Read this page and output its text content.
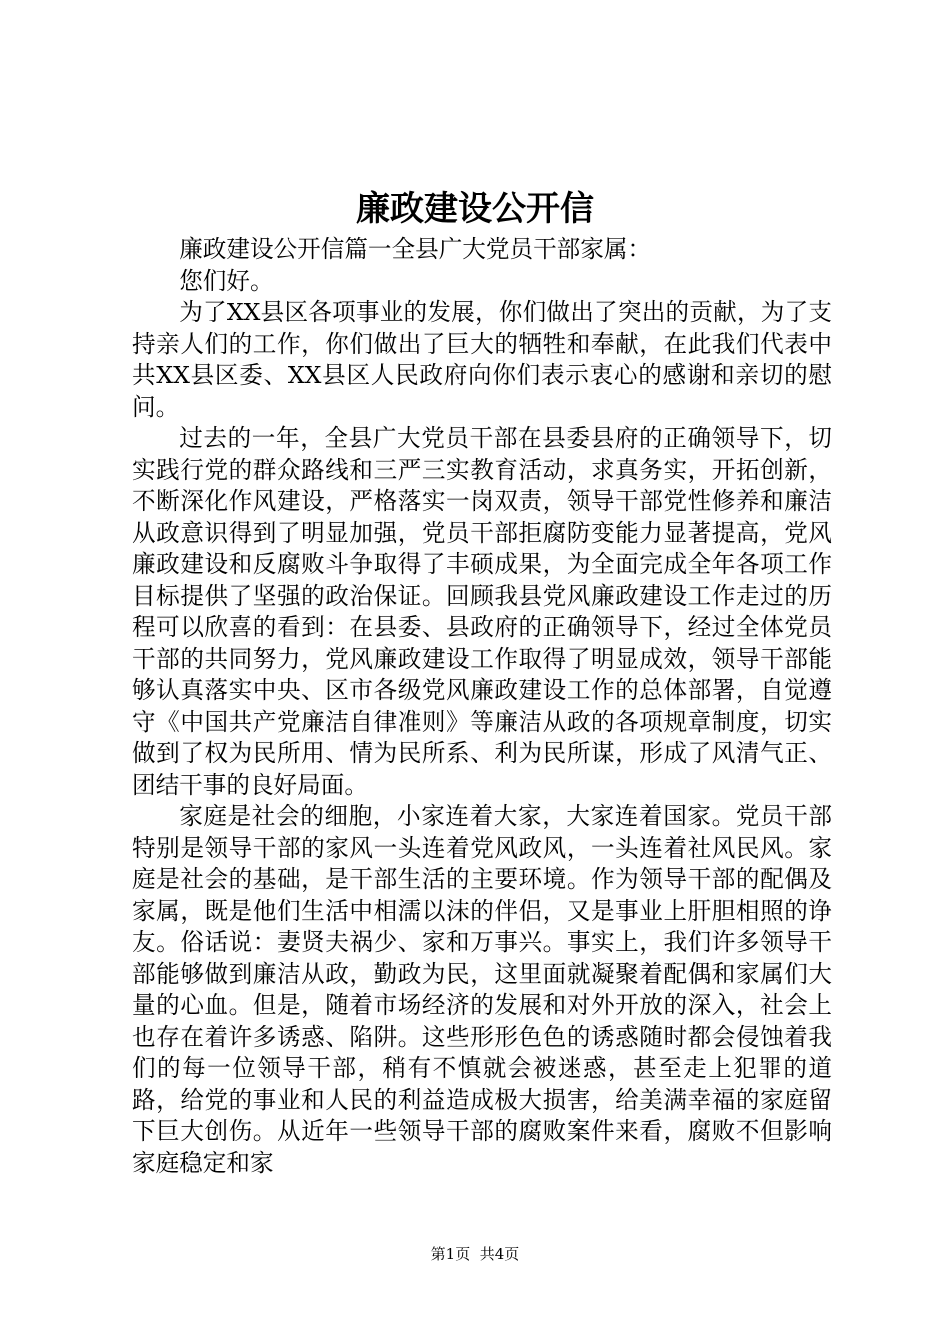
廉政建设公开信

廉政建设公开信篇一全县广大党员干部家属：

您们好。

为了XX县区各项事业的发展，你们做出了突出的贡献，为了支持亲人们的工作，你们做出了巨大的牺牲和奉献，在此我们代表中共XX县区委、XX县区人民政府向你们表示衷心的感谢和亲切的慰问。

过去的一年，全县广大党员干部在县委县府的正确领导下，切实践行党的群众路线和三严三实教育活动，求真务实，开拓创新，不断深化作风建设，严格落实一岗双责，领导干部党性修养和廉洁从政意识得到了明显加强，党员干部拒腐防变能力显著提高，党风廉政建设和反腐败斗争取得了丰硕成果，为全面完成全年各项工作目标提供了坚强的政治保证。回顾我县党风廉政建设工作走过的历程可以欣喜的看到：在县委、县政府的正确领导下，经过全体党员干部的共同努力，党风廉政建设工作取得了明显成效，领导干部能够认真落实中央、区市各级党风廉政建设工作的总体部署，自觉遵守《中国共产党廉洁自律准则》等廉洁从政的各项规章制度，切实做到了权为民所用、情为民所系、利为民所谋，形成了风清气正、团结干事的良好局面。

家庭是社会的细胞，小家连着大家，大家连着国家。党员干部特别是领导干部的家风一头连着党风政风，一头连着社风民风。家庭是社会的基础，是干部生活的主要环境。作为领导干部的配偶及家属，既是他们生活中相濡以沫的伴侣，又是事业上肝胆相照的诤友。俗话说：妻贤夫祸少、家和万事兴。事实上，我们许多领导干部能够做到廉洁从政，勤政为民，这里面就凝聚着配偶和家属们大量的心血。但是，随着市场经济的发展和对外开放的深入，社会上也存在着许多诱惑、陷阱。这些形形色色的诱惑随时都会侵蚀着我们的每一位领导干部，稍有不慎就会被迷惑，甚至走上犯罪的道路，给党的事业和人民的利益造成极大损害，给美满幸福的家庭留下巨大创伤。从近年一些领导干部的腐败案件来看，腐败不但影响家庭稳定和家

第1页 共4页
